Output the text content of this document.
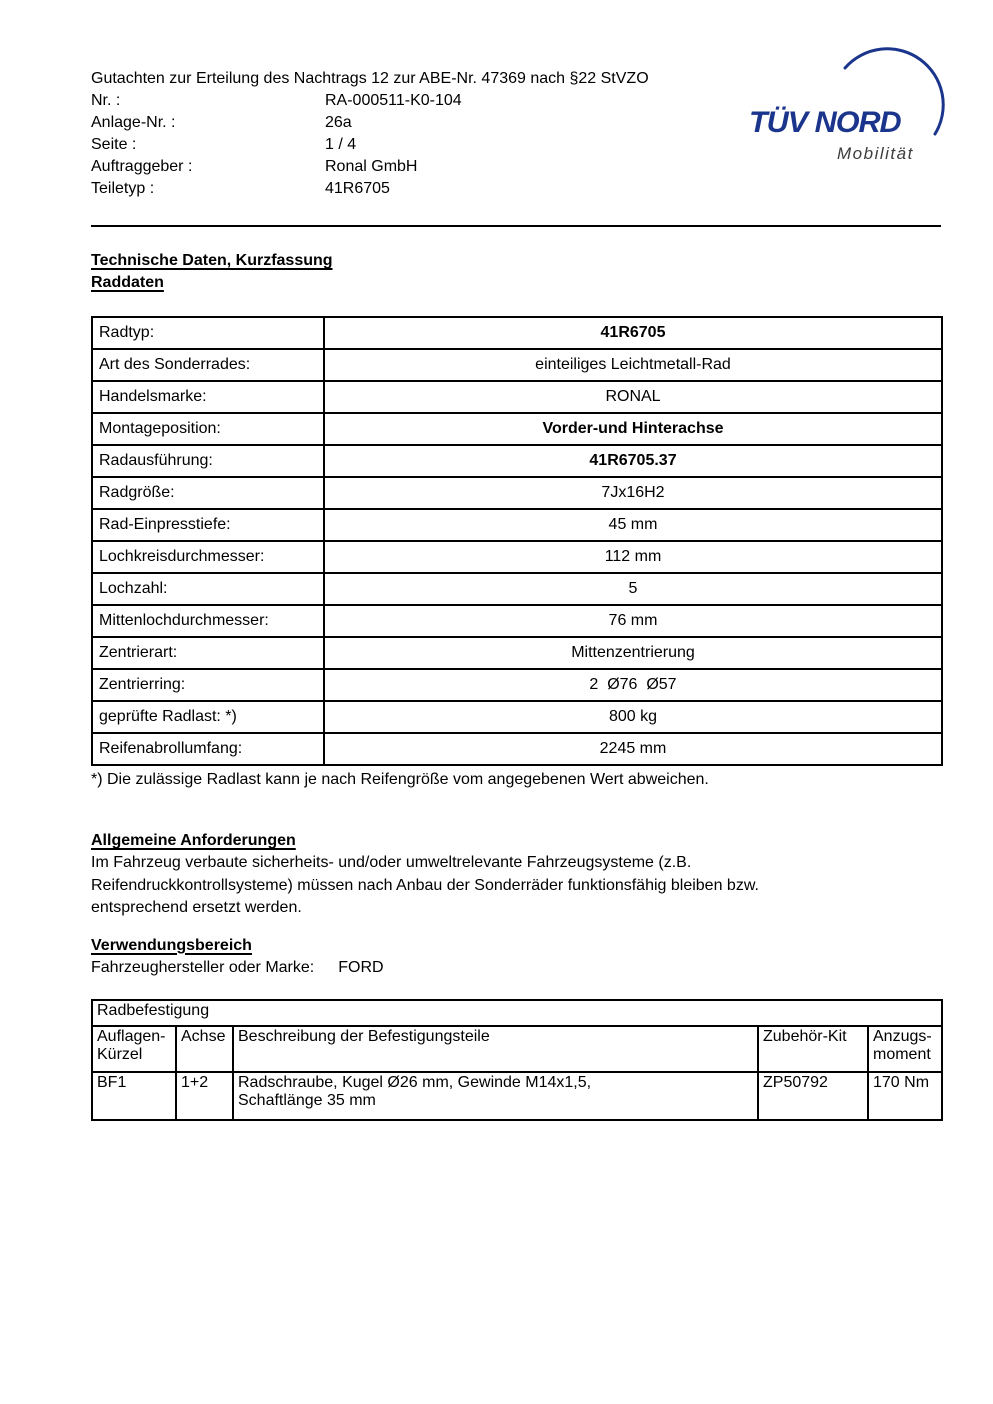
TÜV NORD
Mobilität
Gutachten zur Erteilung des Nachtrags 12 zur ABE-Nr. 47369 nach §22 StVZO
Nr. :	RA-000511-K0-104
Anlage-Nr. :	26a
Seite :	1 / 4
Auftraggeber :	Ronal GmbH
Teiletyp :	41R6705
Technische Daten, Kurzfassung
Raddaten
Radtyp:	41R6705
Art des Sonderrades:	einteiliges Leichtmetall-Rad
Handelsmarke:	RONAL
Montageposition:	Vorder-und Hinterachse
Radausführung:	41R6705.37
Radgröße:	7Jx16H2
Rad-Einpresstiefe:	45 mm
Lochkreisdurchmesser:	112 mm
Lochzahl:	5
Mittenlochdurchmesser:	76 mm
Zentrierart:	Mittenzentrierung
Zentrierring:	2  Ø76  Ø57
geprüfte Radlast: *)	800 kg
Reifenabrollumfang:	2245 mm
*) Die zulässige Radlast kann je nach Reifengröße vom angegebenen Wert abweichen.
Allgemeine Anforderungen
Im Fahrzeug verbaute sicherheits- und/oder umweltrelevante Fahrzeugsysteme (z.B.
Reifendruckkontrollsysteme) müssen nach Anbau der Sonderräder funktionsfähig bleiben bzw.
entsprechend ersetzt werden.
Verwendungsbereich
Fahrzeughersteller oder Marke: FORD
Radbefestigung				
Auflagen-Kürzel	Achse	Beschreibung der Befestigungsteile	Zubehör-Kit	Anzugs-moment
BF1	1+2	Radschraube, Kugel Ø26 mm, Gewinde M14x1,5,
Schaftlänge 35 mm	ZP50792	170 Nm
